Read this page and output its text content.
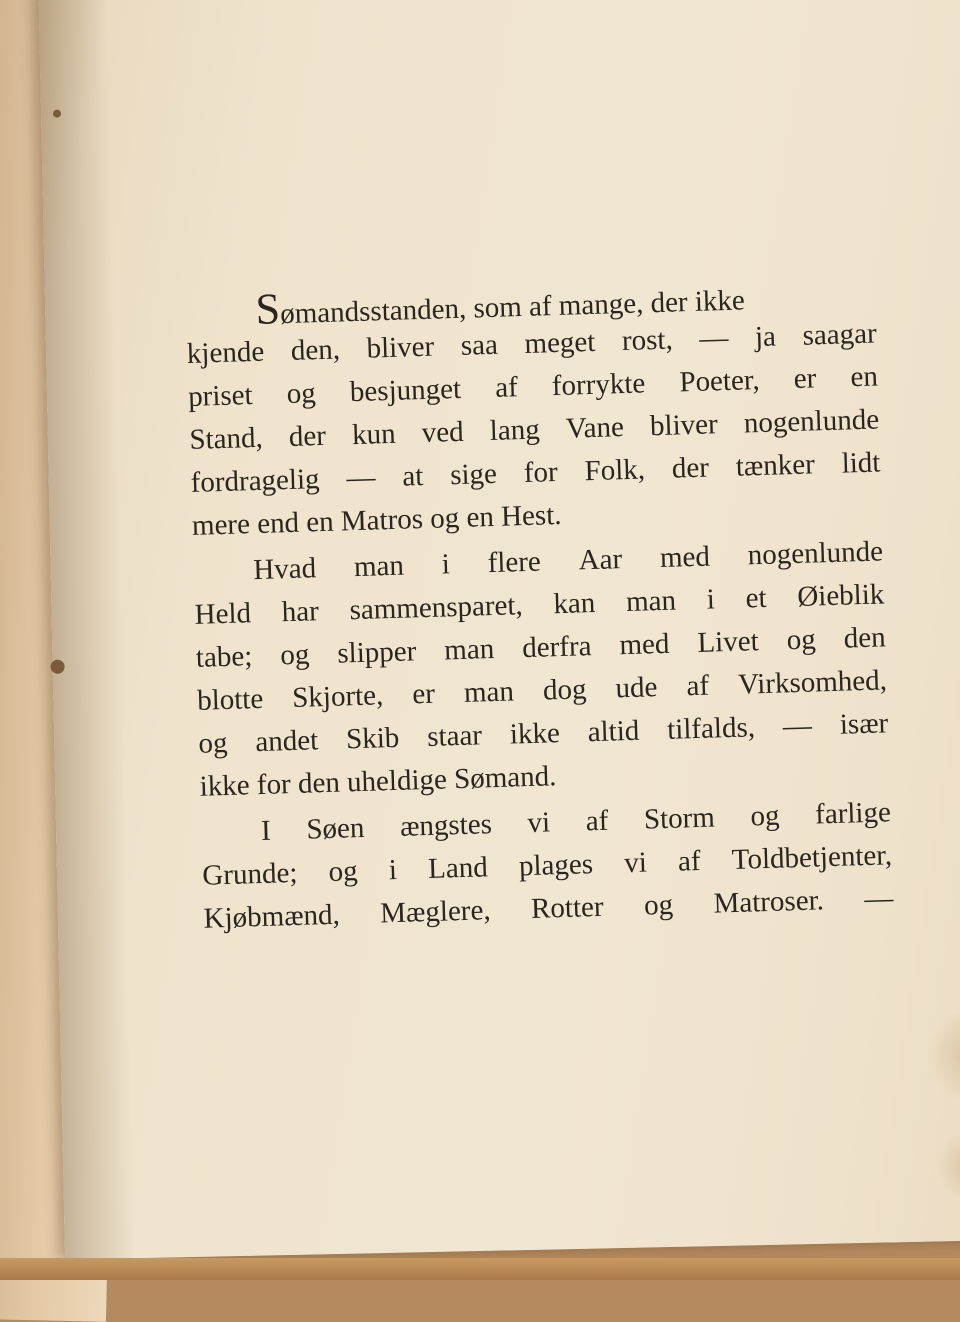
Sømandsstanden, som af mange, der ikke
kjende den, bliver saa meget rost, — ja saagar
priset og besjunget af forrykte Poeter, er en
Stand, der kun ved lang Vane bliver nogenlunde
fordragelig — at sige for Folk, der tænker lidt
mere end en Matros og en Hest.
Hvad man i flere Aar med nogenlunde
Held har sammensparet, kan man i et Øieblik
tabe; og slipper man derfra med Livet og den
blotte Skjorte, er man dog ude af Virksomhed,
og andet Skib staar ikke altid tilfalds, — især
ikke for den uheldige Sømand.
I Søen ængstes vi af Storm og farlige
Grunde; og i Land plages vi af Toldbetjenter,
Kjøbmænd, Mæglere, Rotter og Matroser. —
